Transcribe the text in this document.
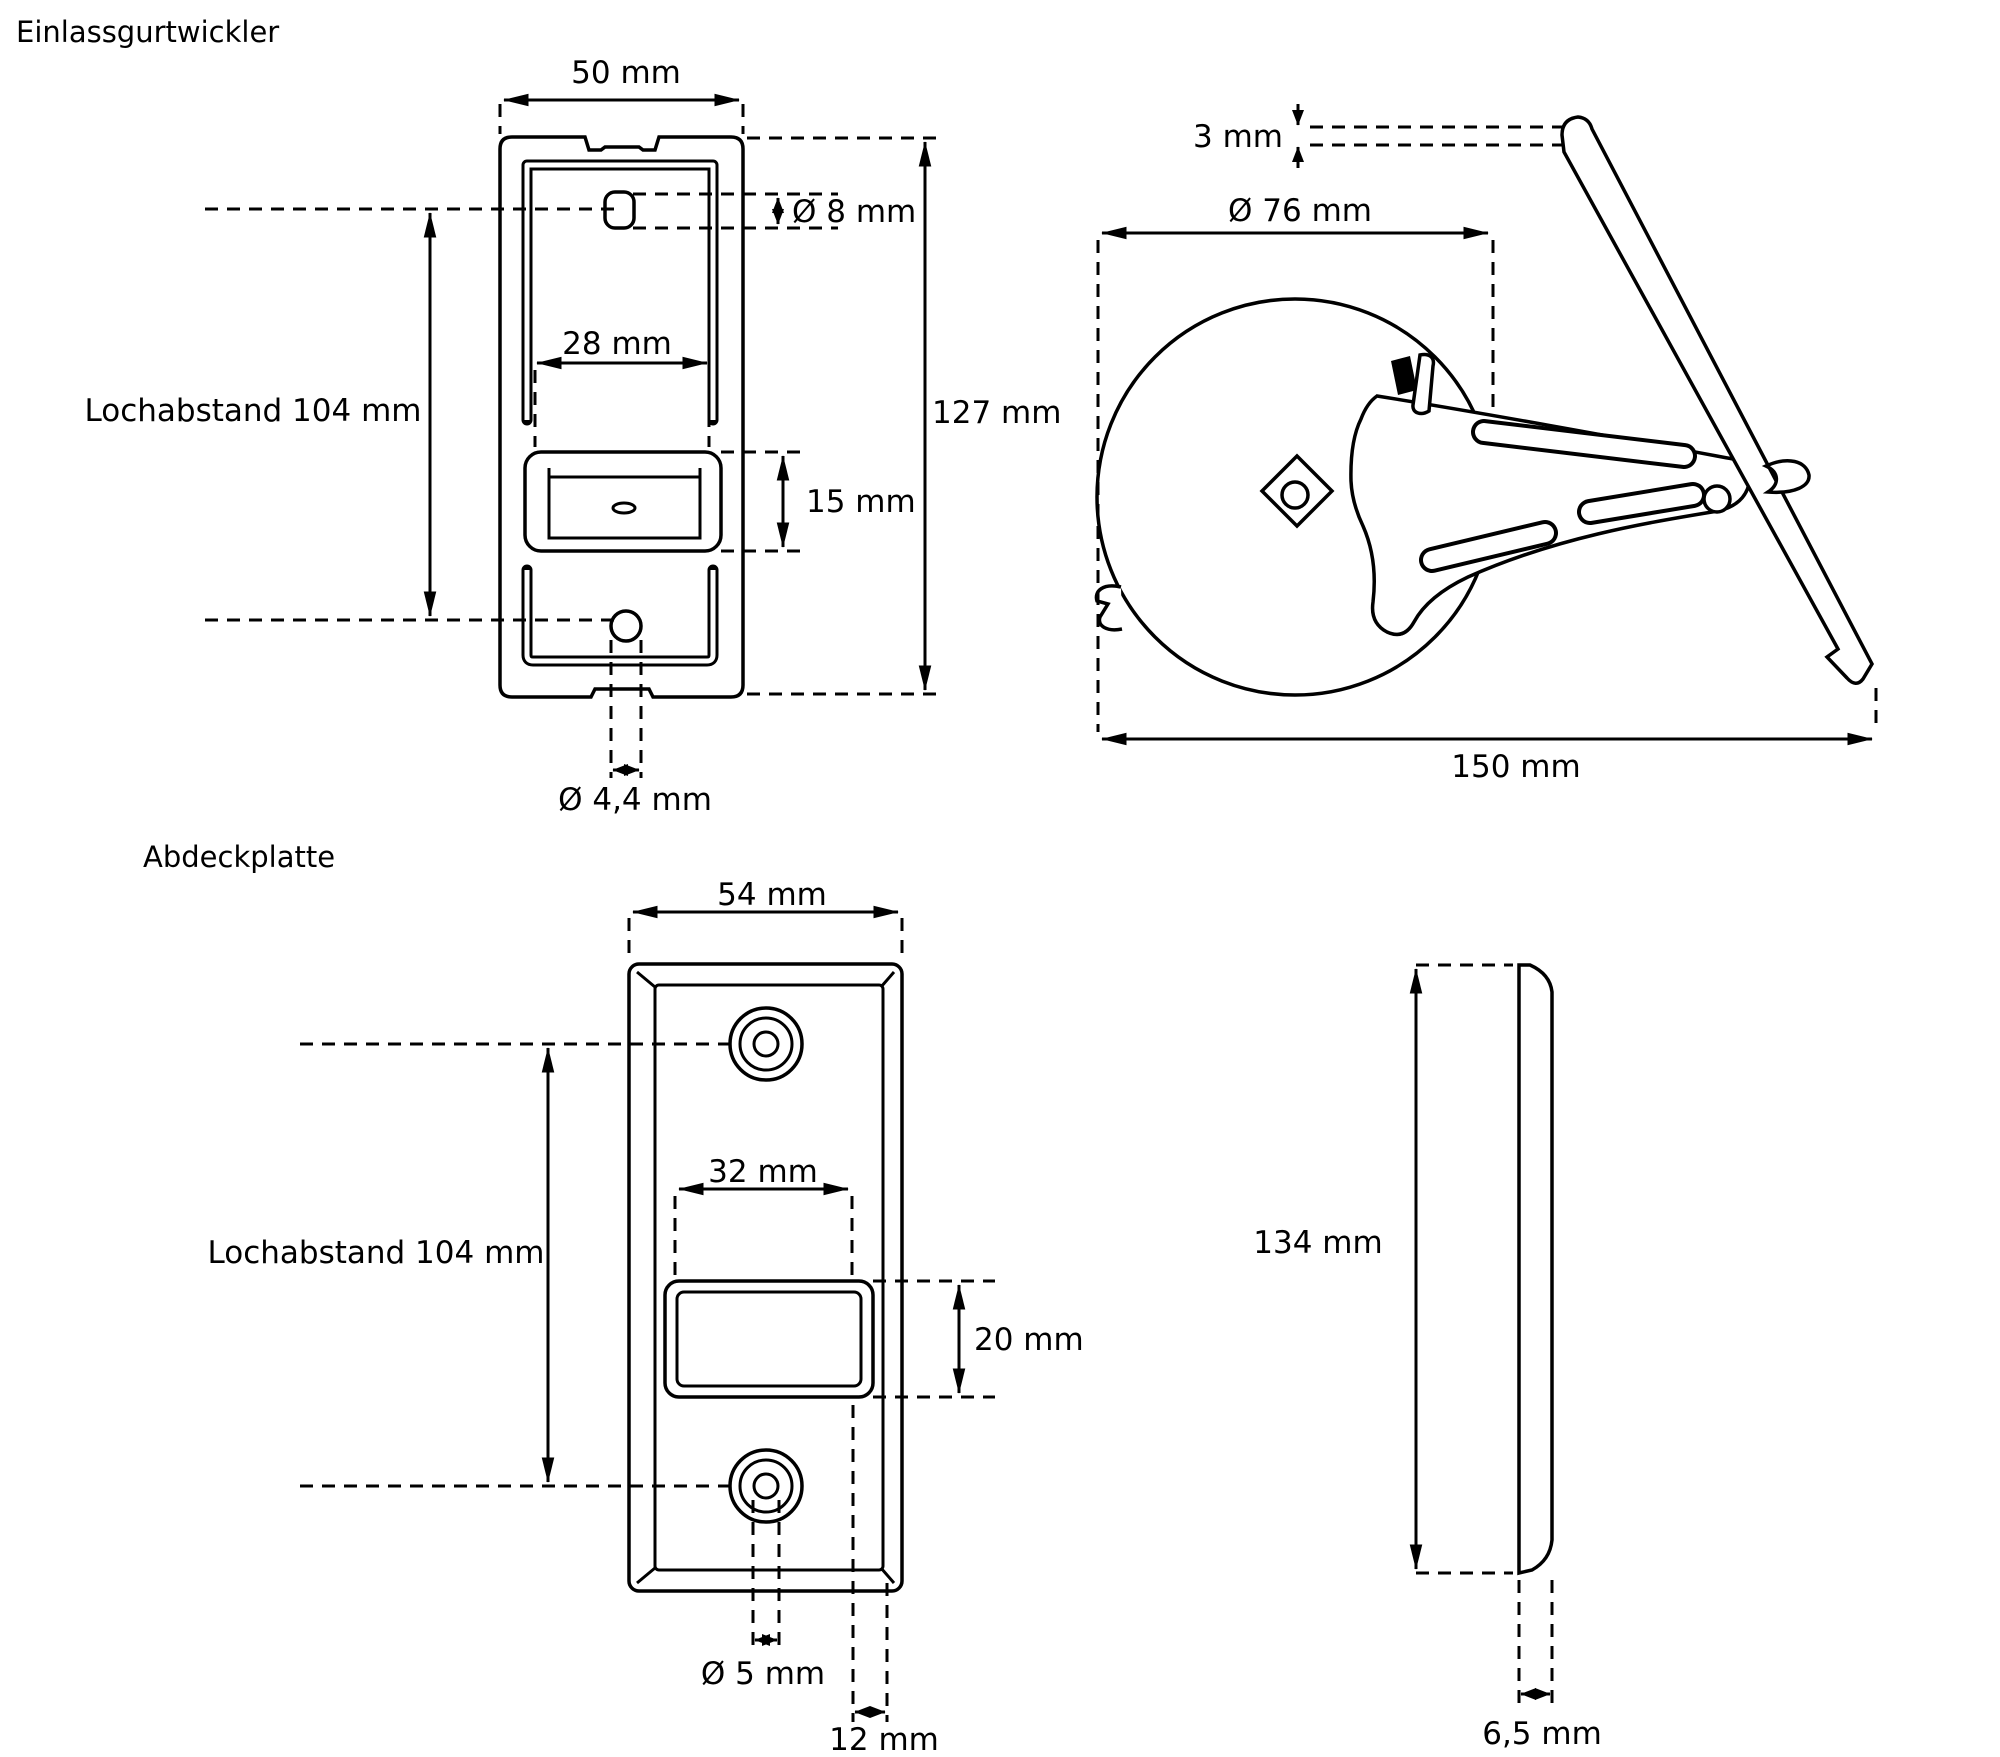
Einlassgurtwickler
Abdeckplatte
50 mm
Ø 8 mm
28 mm
Lochabstand 104 mm
15 mm
127 mm
Ø 4,4 mm
3 mm
Ø 76 mm
150 mm
54 mm
Lochabstand 104 mm
32 mm
20 mm
Ø 5 mm
12 mm
134 mm
6,5 mm
